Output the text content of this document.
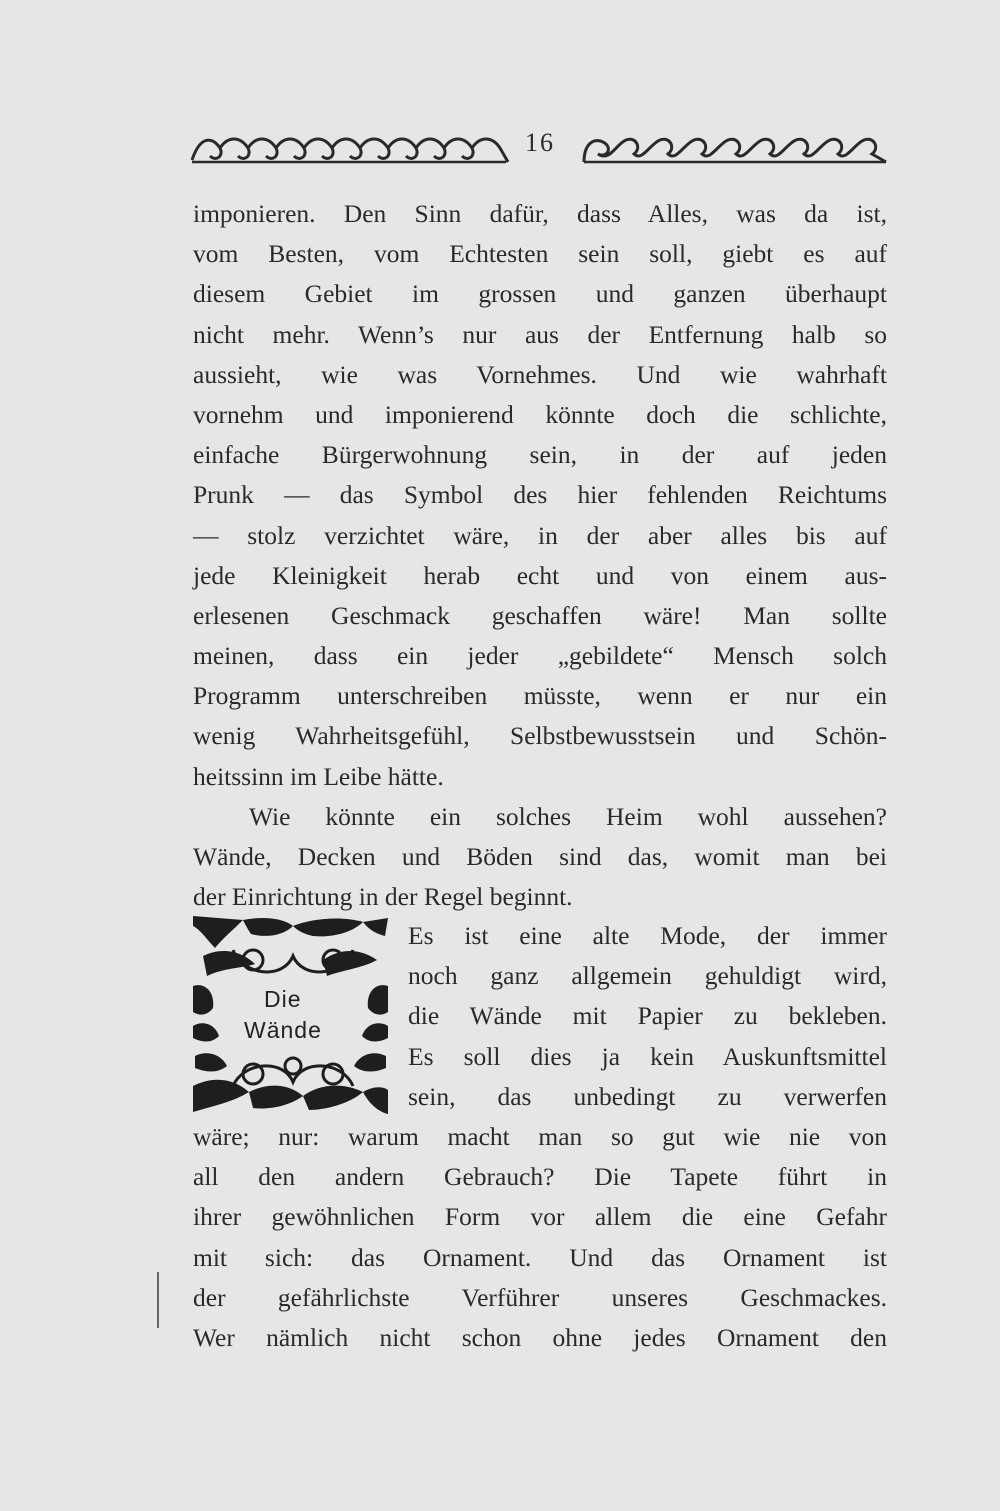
16
imponieren. Den Sinn dafür, dass Alles, was da ist,
vom Besten, vom Echtesten sein soll, giebt es auf
diesem Gebiet im grossen und ganzen überhaupt
nicht mehr. Wenn’s nur aus der Entfernung halb so
aussieht, wie was Vornehmes. Und wie wahrhaft
vornehm und imponierend könnte doch die schlichte,
einfache Bürgerwohnung sein, in der auf jeden
Prunk — das Symbol des hier fehlenden Reichtums
— stolz verzichtet wäre, in der aber alles bis auf
jede Kleinigkeit herab echt und von einem aus-
erlesenen Geschmack geschaffen wäre! Man sollte
meinen, dass ein jeder „gebildete“ Mensch solch
Programm unterschreiben müsste, wenn er nur ein
wenig Wahrheitsgefühl, Selbstbewusstsein und Schön-
heitssinn im Leibe hätte.
Wie könnte ein solches Heim wohl aussehen?
Wände, Decken und Böden sind das, womit man bei
der Einrichtung in der Regel beginnt.
Die
Wände
Es ist eine alte Mode, der immer
noch ganz allgemein gehuldigt wird,
die Wände mit Papier zu bekleben.
Es soll dies ja kein Auskunftsmittel
sein, das unbedingt zu verwerfen
wäre; nur: warum macht man so gut wie nie von
all den andern Gebrauch? Die Tapete führt in
ihrer gewöhnlichen Form vor allem die eine Gefahr
mit sich: das Ornament. Und das Ornament ist
der gefährlichste Verführer unseres Geschmackes.
Wer nämlich nicht schon ohne jedes Ornament den
